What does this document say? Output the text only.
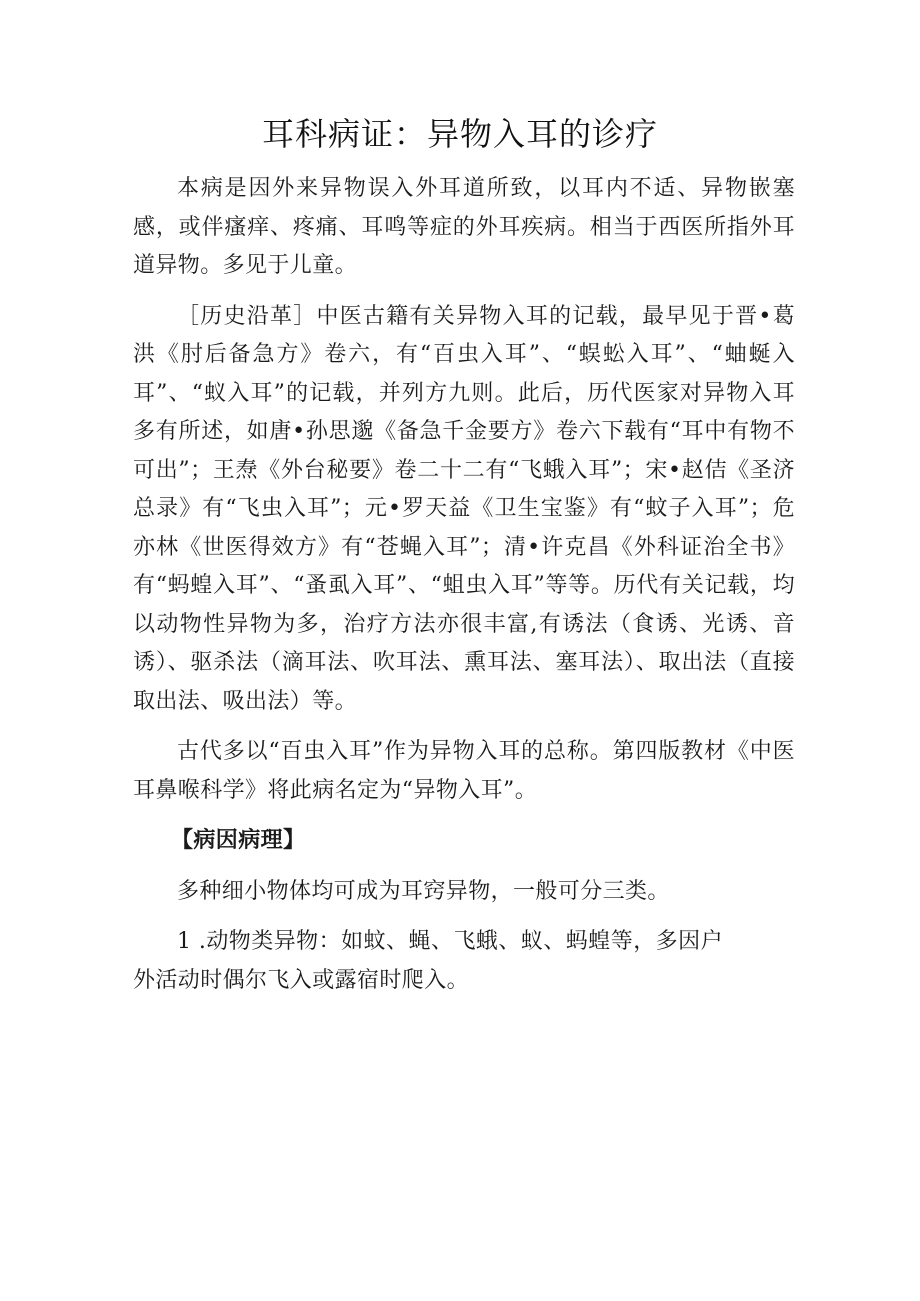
耳科病证：异物入耳的诊疗

本病是因外来异物误入外耳道所致，以耳内不适、异物嵌塞感，或伴瘙痒、疼痛、耳鸣等症的外耳疾病。相当于西医所指外耳道异物。多见于儿童。

［历史沿革］中医古籍有关异物入耳的记载，最早见于晋•葛洪《肘后备急方》卷六，有“百虫入耳”、“蜈蚣入耳”、“蚰蜒入耳”、“蚁入耳”的记载，并列方九则。此后，历代医家对异物入耳多有所述，如唐•孙思邈《备急千金要方》卷六下载有“耳中有物不可出”；王焘《外台秘要》卷二十二有“飞蛾入耳”；宋•赵佶《圣济总录》有“飞虫入耳”；元•罗天益《卫生宝鉴》有“蚊子入耳”；危亦林《世医得效方》有“苍蝇入耳”；清•许克昌《外科证治全书》有“蚂蝗入耳”、“蚤虱入耳”、“蛆虫入耳”等等。历代有关记载，均以动物性异物为多，治疗方法亦很丰富,有诱法（食诱、光诱、音诱）、驱杀法（滴耳法、吹耳法、熏耳法、塞耳法）、取出法（直接取出法、吸出法）等。

古代多以“百虫入耳”作为异物入耳的总称。第四版教材《中医耳鼻喉科学》将此病名定为“异物入耳”。

【病因病理】

多种细小物体均可成为耳窍异物，一般可分三类。

1 .动物类异物：如蚊、蝇、飞蛾、蚁、蚂蝗等，多因户外活动时偶尔飞入或露宿时爬入。
